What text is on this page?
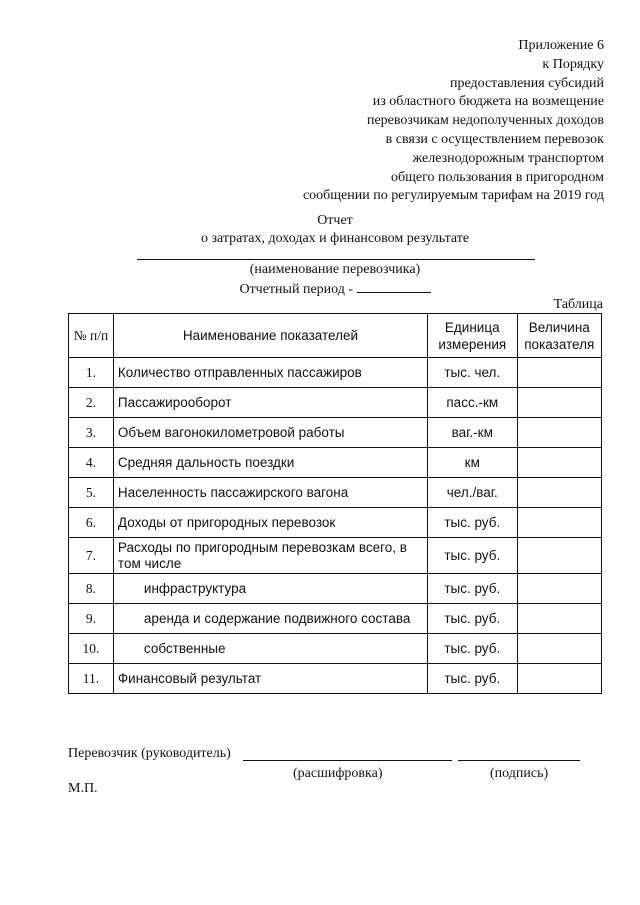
Приложение 6
к Порядку
предоставления субсидий
из областного бюджета на возмещение
перевозчикам недополученных доходов
в связи с осуществлением перевозок
железнодорожным транспортом
общего пользования в пригородном
сообщении по регулируемым тарифам на 2019 год
Отчет
о затратах, доходах и финансовом результате
(наименование перевозчика)
Отчетный период -
Таблица
№ п/п	Наименование показателей	Единица измерения	Величина показателя
1.	Количество отправленных пассажиров	тыс. чел.	
2.	Пассажирооборот	пасс.-км	
3.	Объем вагонокилометровой работы	ваг.-км	
4.	Средняя дальность поездки	км	
5.	Населенность пассажирского вагона	чел./ваг.	
6.	Доходы от пригородных перевозок	тыс. руб.	
7.	Расходы по пригородным перевозкам всего, в том числе	тыс. руб.	
8.	инфраструктура	тыс. руб.	
9.	аренда и содержание подвижного состава	тыс. руб.	
10.	собственные	тыс. руб.	
11.	Финансовый результат	тыс. руб.	
Перевозчик (руководитель)
(расшифровка)	(подпись)
М.П.
